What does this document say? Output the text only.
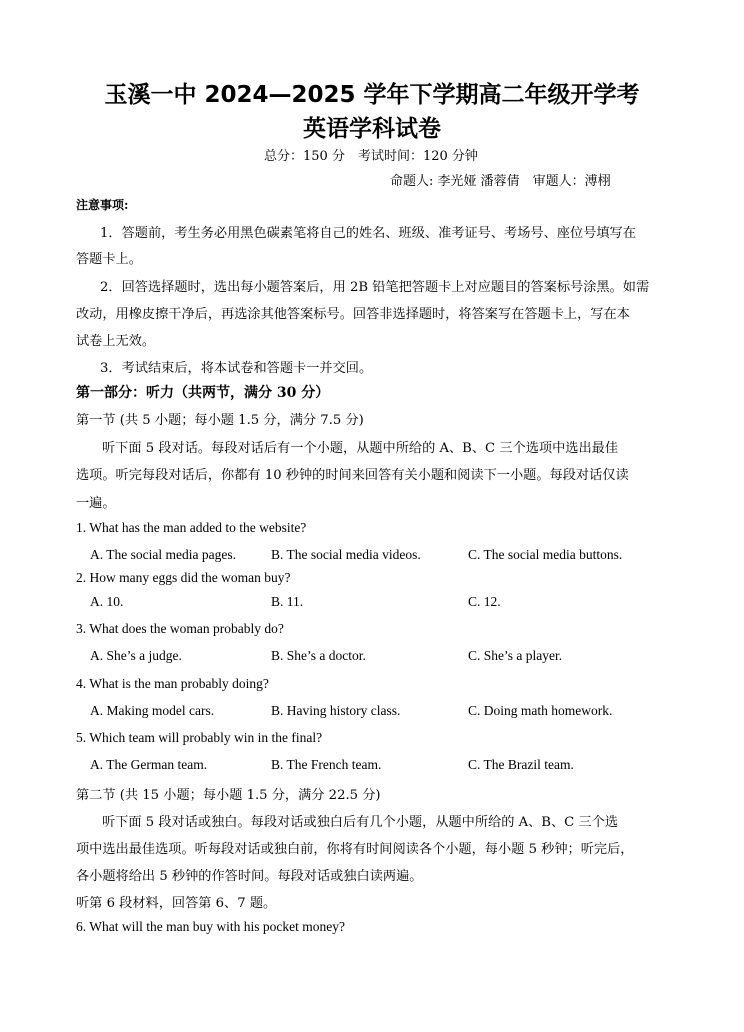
玉溪一中 2024—2025 学年下学期高二年级开学考
英语学科试卷
总分：150 分　考试时间：120 分钟
命题人: 李光娅 潘蓉倩　审题人：溥栩
注意事项:
1．答题前，考生务必用黑色碳素笔将自己的姓名、班级、准考证号、考场号、座位号填写在
答题卡上。
2．回答选择题时，选出每小题答案后，用 2B 铅笔把答题卡上对应题目的答案标号涂黑。如需
改动，用橡皮擦干净后，再选涂其他答案标号。回答非选择题时，将答案写在答题卡上，写在本
试卷上无效。
3．考试结束后，将本试卷和答题卡一并交回。
第一部分：听力（共两节，满分 30 分）
第一节 (共 5 小题；每小题 1.5 分，满分 7.5 分)
听下面 5 段对话。每段对话后有一个小题，从题中所给的 A、B、C 三个选项中选出最佳
选项。听完每段对话后，你都有 10 秒钟的时间来回答有关小题和阅读下一小题。每段对话仅读
一遍。
1. What has the man added to the website?
A. The social media pages.	B. The social media videos.	C. The social media buttons.
2. How many eggs did the woman buy?
A. 10.	B. 11.	C. 12.
3. What does the woman probably do?
A. She’s a judge.	B. She’s a doctor.	C. She’s a player.
4. What is the man probably doing?
A. Making model cars.	B. Having history class.	C. Doing math homework.
5. Which team will probably win in the final?
A. The German team.	B. The French team.	C. The Brazil team.
第二节 (共 15 小题；每小题 1.5 分，满分 22.5 分)
听下面 5 段对话或独白。每段对话或独白后有几个小题，从题中所给的 A、B、C 三个选
项中选出最佳选项。听每段对话或独白前，你将有时间阅读各个小题，每小题 5 秒钟；听完后，
各小题将给出 5 秒钟的作答时间。每段对话或独白读两遍。
听第 6 段材料，回答第 6、7 题。
6. What will the man buy with his pocket money?
